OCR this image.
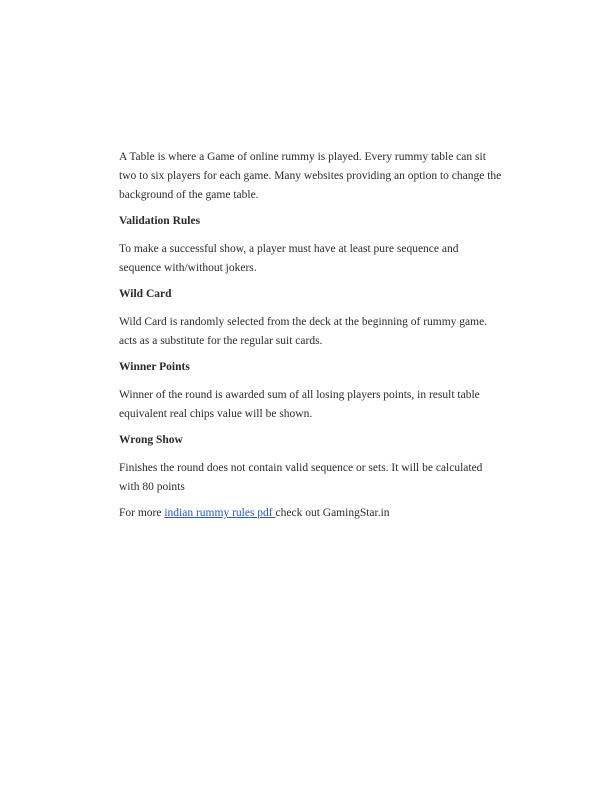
A Table is where a Game of online rummy is played. Every rummy table can sit
two to six players for each game. Many websites providing an option to change the
background of the game table.

Validation Rules

To make a successful show, a player must have at least pure sequence and
sequence with/without jokers.

Wild Card

Wild Card is randomly selected from the deck at the beginning of rummy game.
acts as a substitute for the regular suit cards.

Winner Points

Winner of the round is awarded sum of all losing players points, in result table
equivalent real chips value will be shown.

Wrong Show

Finishes the round does not contain valid sequence or sets. It will be calculated
with 80 points

For more indian rummy rules pdf check out GamingStar.in
